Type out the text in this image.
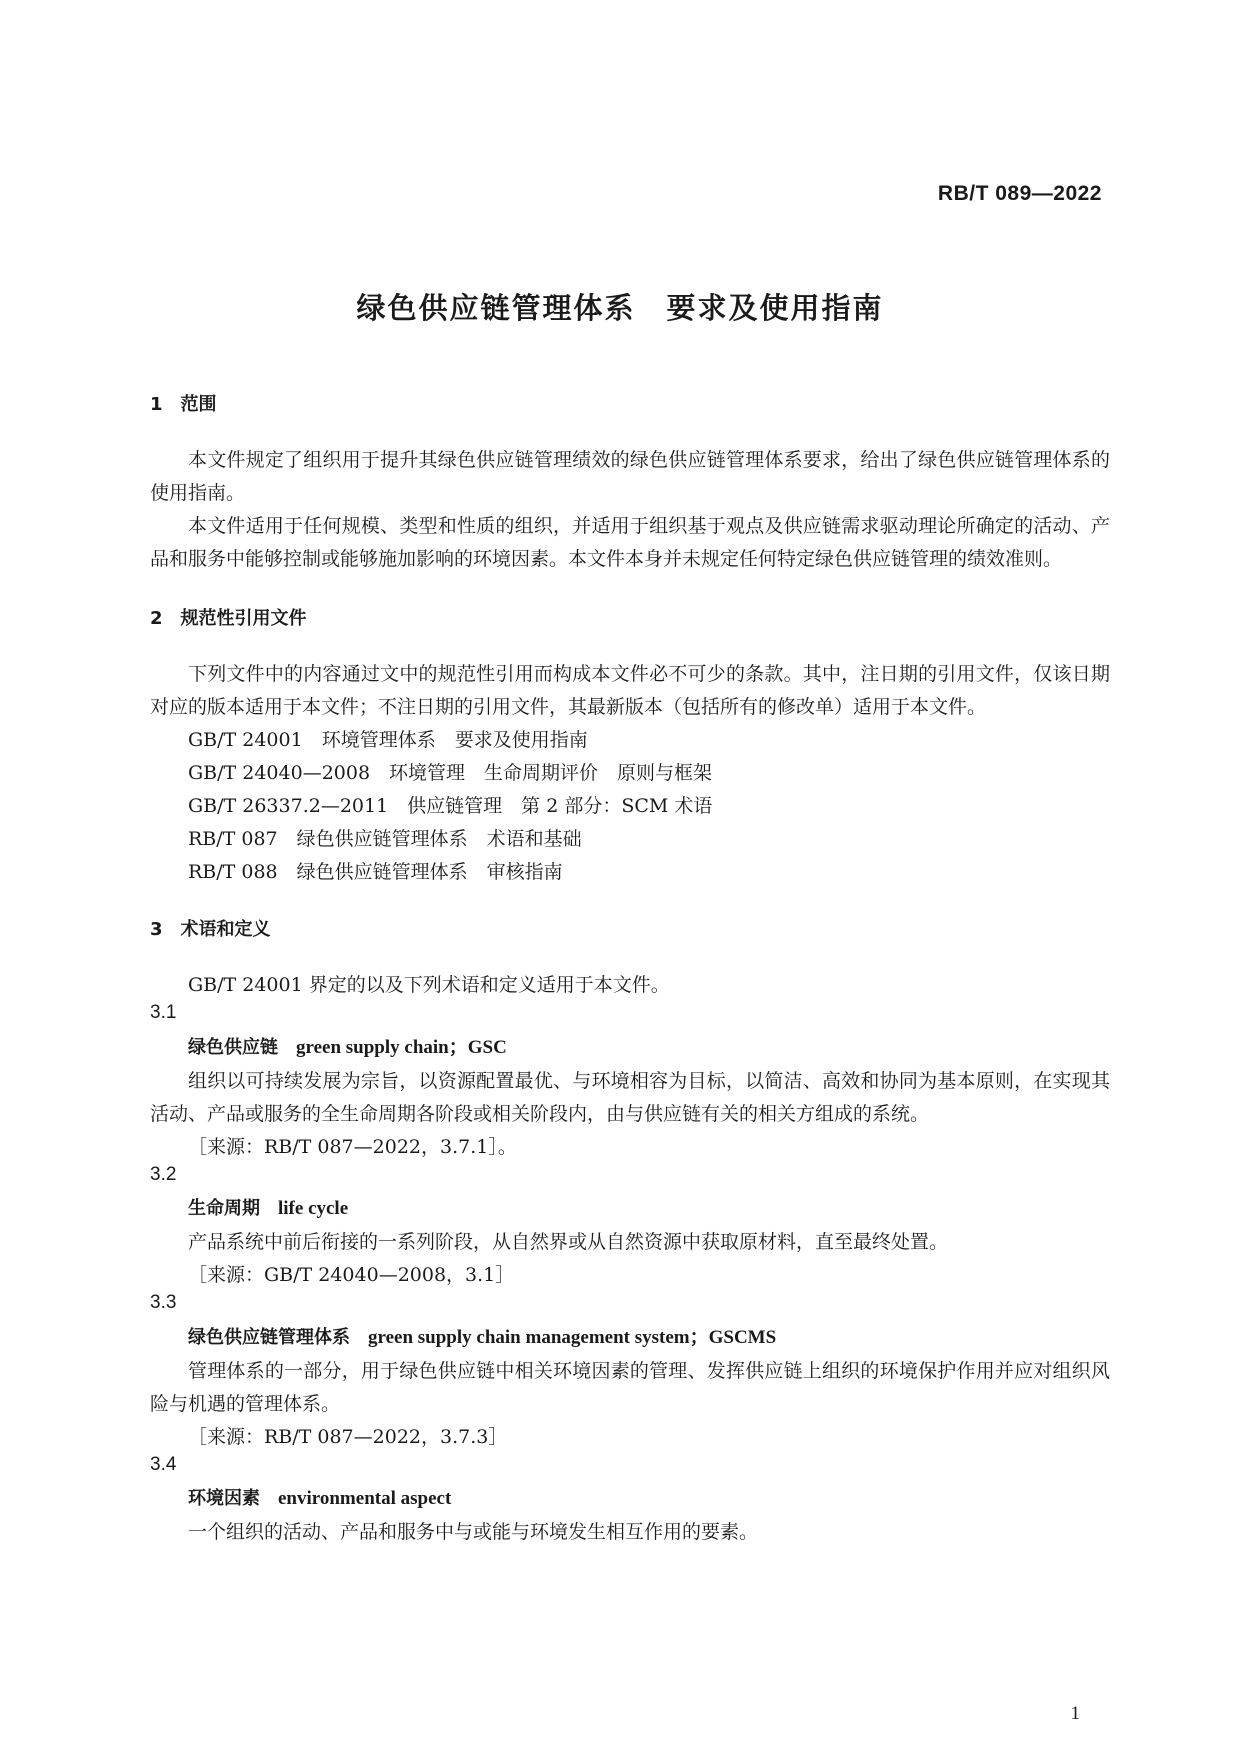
RB/T 089—2022
绿色供应链管理体系　要求及使用指南

1　范围

本文件规定了组织用于提升其绿色供应链管理绩效的绿色供应链管理体系要求，给出了绿色供应链管理体系的使用指南。

本文件适用于任何规模、类型和性质的组织，并适用于组织基于观点及供应链需求驱动理论所确定的活动、产品和服务中能够控制或能够施加影响的环境因素。本文件本身并未规定任何特定绿色供应链管理的绩效准则。

2　规范性引用文件

下列文件中的内容通过文中的规范性引用而构成本文件必不可少的条款。其中，注日期的引用文件，仅该日期对应的版本适用于本文件；不注日期的引用文件，其最新版本（包括所有的修改单）适用于本文件。

GB/T 24001　环境管理体系　要求及使用指南

GB/T 24040—2008　环境管理　生命周期评价　原则与框架

GB/T 26337.2—2011　供应链管理　第 2 部分：SCM 术语

RB/T 087　绿色供应链管理体系　术语和基础

RB/T 088　绿色供应链管理体系　审核指南

3　术语和定义

GB/T 24001 界定的以及下列术语和定义适用于本文件。

3.1

绿色供应链　 green supply chain；GSC

组织以可持续发展为宗旨，以资源配置最优、与环境相容为目标，以简洁、高效和协同为基本原则，在实现其活动、产品或服务的全生命周期各阶段或相关阶段内，由与供应链有关的相关方组成的系统。

［来源：RB/T 087—2022，3.7.1］。

3.2

生命周期　 life cycle

产品系统中前后衔接的一系列阶段，从自然界或从自然资源中获取原材料，直至最终处置。

［来源：GB/T 24040—2008，3.1］

3.3

绿色供应链管理体系　 green supply chain management system；GSCMS

管理体系的一部分，用于绿色供应链中相关环境因素的管理、发挥供应链上组织的环境保护作用并应对组织风险与机遇的管理体系。

［来源：RB/T 087—2022，3.7.3］

3.4

环境因素　 environmental aspect

一个组织的活动、产品和服务中与或能与环境发生相互作用的要素。

1
